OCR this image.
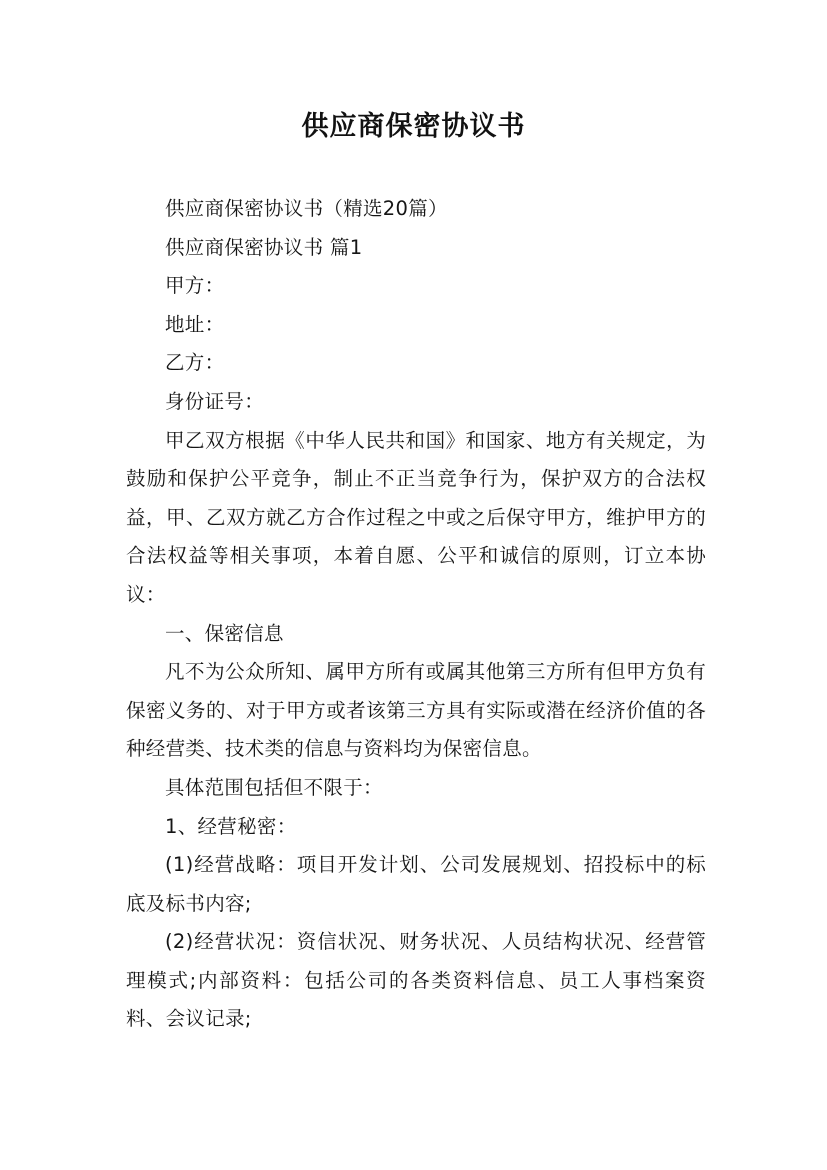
供应商保密协议书

供应商保密协议书（精选20篇）

供应商保密协议书 篇1

甲方：

地址：

乙方：

身份证号：

甲乙双方根据《中华人民共和国》和国家、地方有关规定，为鼓励和保护公平竞争，制止不正当竞争行为，保护双方的合法权益，甲、乙双方就乙方合作过程之中或之后保守甲方，维护甲方的合法权益等相关事项，本着自愿、公平和诚信的原则，订立本协议：

一、保密信息

凡不为公众所知、属甲方所有或属其他第三方所有但甲方负有保密义务的、对于甲方或者该第三方具有实际或潜在经济价值的各种经营类、技术类的信息与资料均为保密信息。

具体范围包括但不限于：

1、经营秘密：

(1)经营战略：项目开发计划、公司发展规划、招投标中的标底及标书内容;

(2)经营状况：资信状况、财务状况、人员结构状况、经营管理模式;内部资料：包括公司的各类资料信息、员工人事档案资料、会议记录;
